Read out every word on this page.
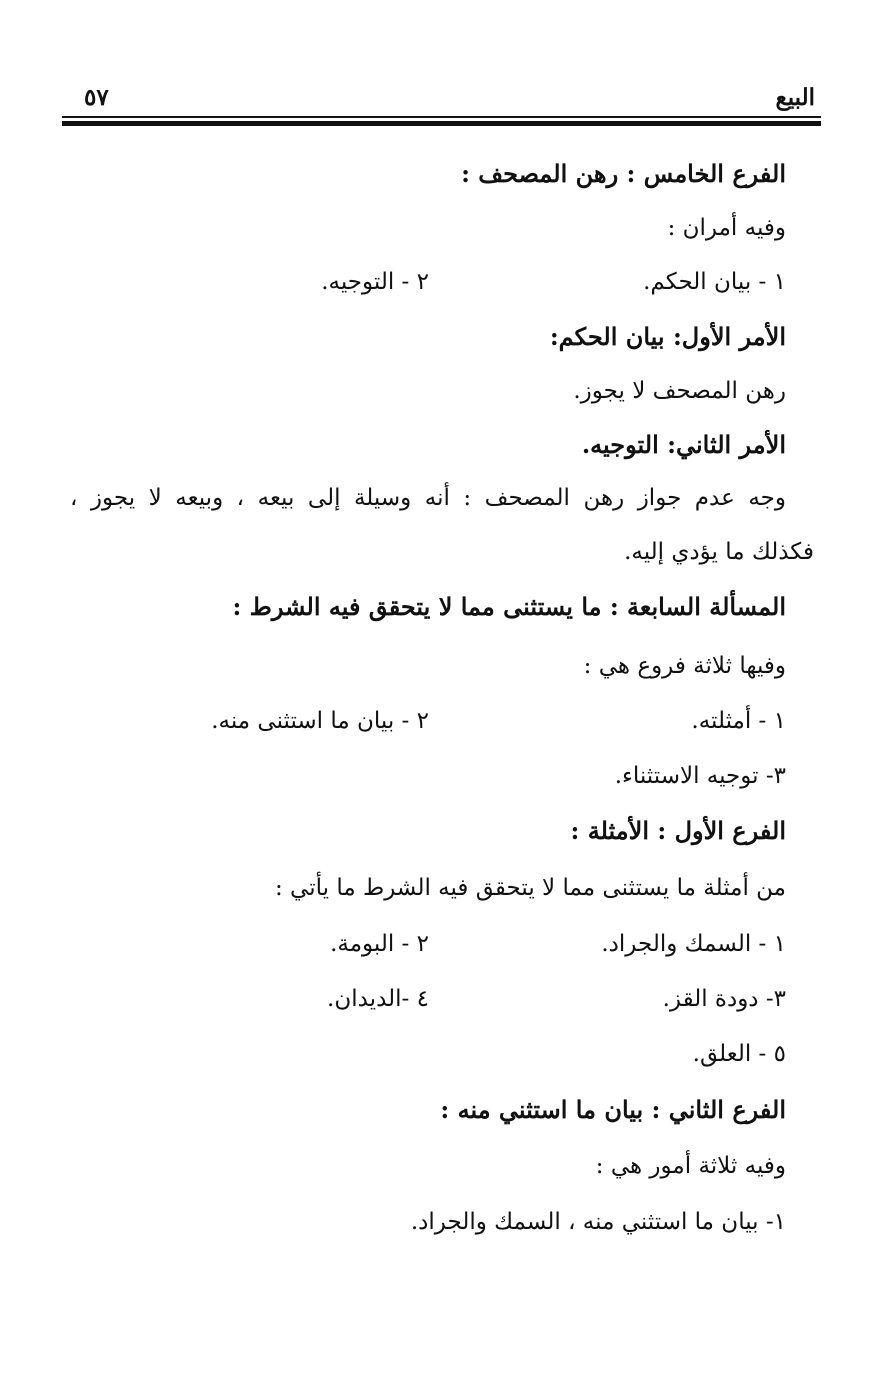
البيع
٥٧
الفرع الخامس : رهن المصحف :
وفيه أمران :
١ - بيان الحكم.
٢ - التوجيه.
الأمر الأول: بيان الحكم:
رهن المصحف لا يجوز.
الأمر الثاني: التوجيه.
وجه عدم جواز رهن المصحف : أنه وسيلة إلى بيعه ، وبيعه لا يجوز ،
فكذلك ما يؤدي إليه.
المسألة السابعة : ما يستثنى مما لا يتحقق فيه الشرط :
وفيها ثلاثة فروع هي :
١ - أمثلته.
٢ - بيان ما استثنى منه.
٣- توجيه الاستثناء.
الفرع الأول : الأمثلة :
من أمثلة ما يستثنى مما لا يتحقق فيه الشرط ما يأتي :
١ - السمك والجراد.
٢ - البومة.
٣- دودة القز.
٤ -الديدان.
٥ - العلق.
الفرع الثاني : بيان ما استثني منه :
وفيه ثلاثة أمور هي :
١- بيان ما استثني منه ، السمك والجراد.
